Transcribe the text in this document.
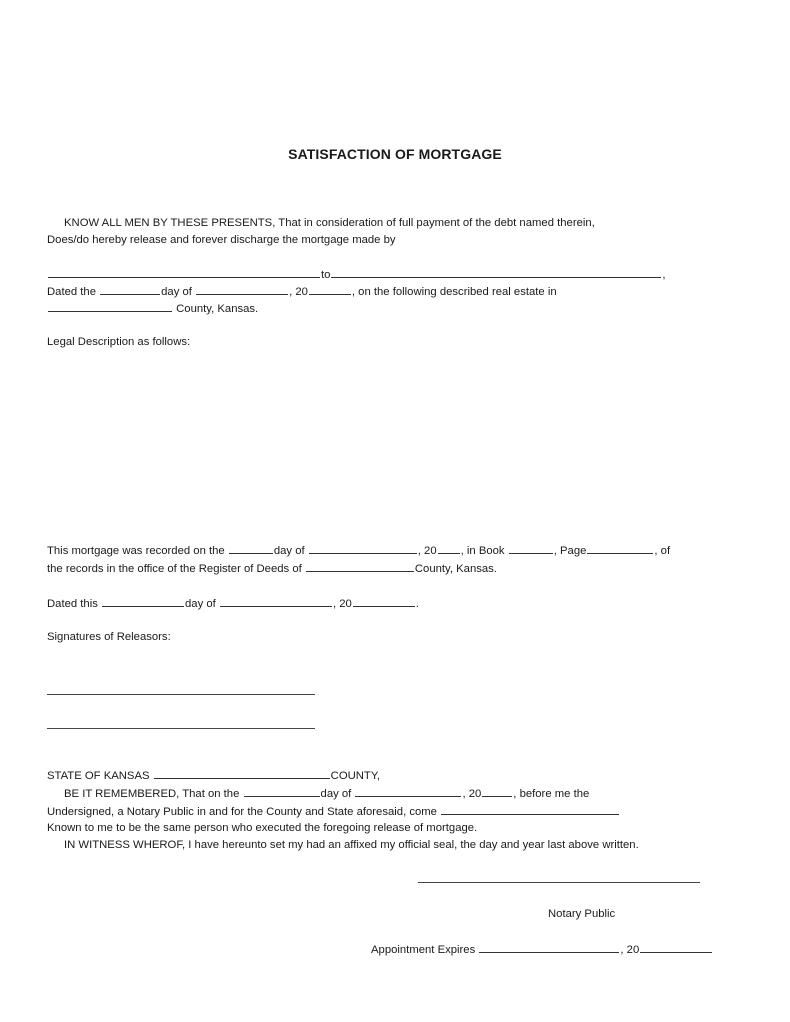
SATISFACTION OF MORTGAGE
KNOW ALL MEN BY THESE PRESENTS, That in consideration of full payment of the debt named therein,
Does/do hereby release and forever discharge the mortgage made by
to	,
Dated the	day of	, 20	, on the following described real estate in
County, Kansas.
Legal Description as follows:
This mortgage was recorded on the	day of	, 20 , in Book	, Page	, of
the records in the office of the Register of Deeds of	County, Kansas.
Dated this	day of	, 20	.
Signatures of Releasors:
STATE OF KANSAS	COUNTY,
BE IT REMEMBERED, That on the	day of	, 20	, before me the
Undersigned, a Notary Public in and for the County and State aforesaid, come
Known to me to be the same person who executed the foregoing release of mortgage.
IN WITNESS WHEROF, I have hereunto set my had an affixed my official seal, the day and year last above written.
Notary Public
Appointment Expires	, 20
